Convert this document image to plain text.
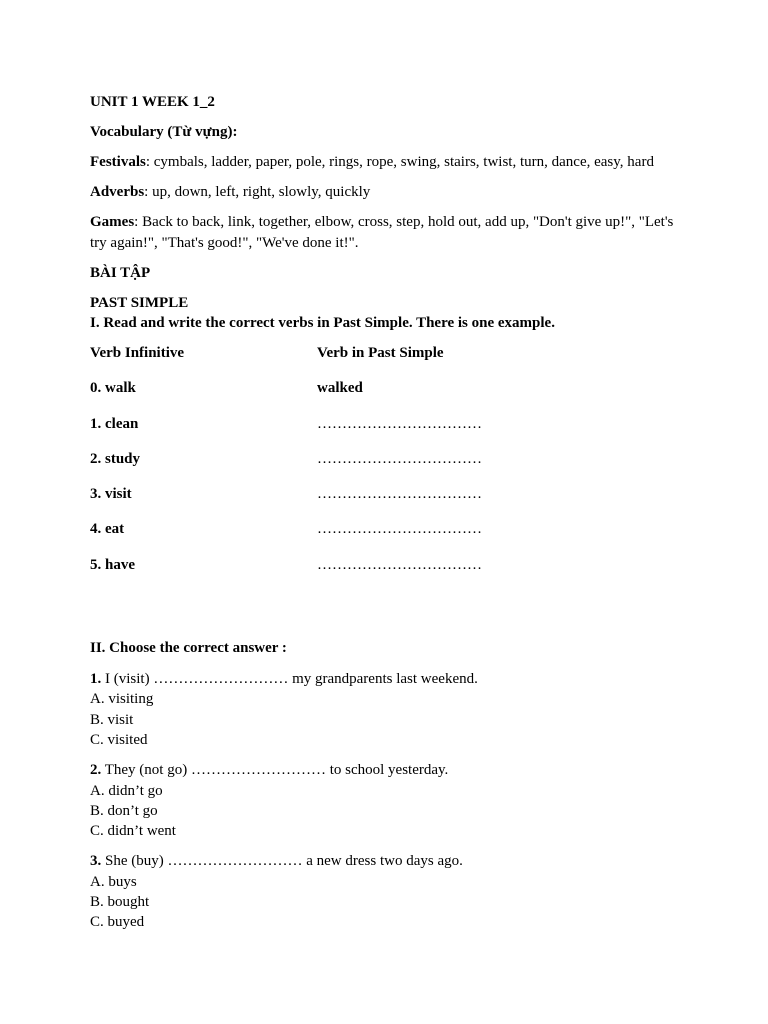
UNIT 1 WEEK 1_2
Vocabulary (Từ vựng):
Festivals: cymbals, ladder, paper, pole, rings, rope, swing, stairs, twist, turn, dance, easy, hard
Adverbs: up, down, left, right, slowly, quickly
Games: Back to back, link, together, elbow, cross, step, hold out, add up, "Don't give up!", "Let's try again!", "That's good!", "We've done it!".
BÀI TẬP
PAST SIMPLE
I. Read and write the correct verbs in Past Simple. There is one example.
Verb Infinitive	Verb in Past Simple
0. walk	walked
1. clean	……………………………
2. study	……………………………
3. visit	……………………………
4. eat	……………………………
5. have	……………………………
II. Choose the correct answer :
1. I (visit) ……………………… my grandparents last weekend.
A. visiting
B. visit
C. visited
2. They (not go) ……………………… to school yesterday.
A. didn’t go
B. don’t go
C. didn’t went
3. She (buy) ……………………… a new dress two days ago.
A. buys
B. bought
C. buyed
